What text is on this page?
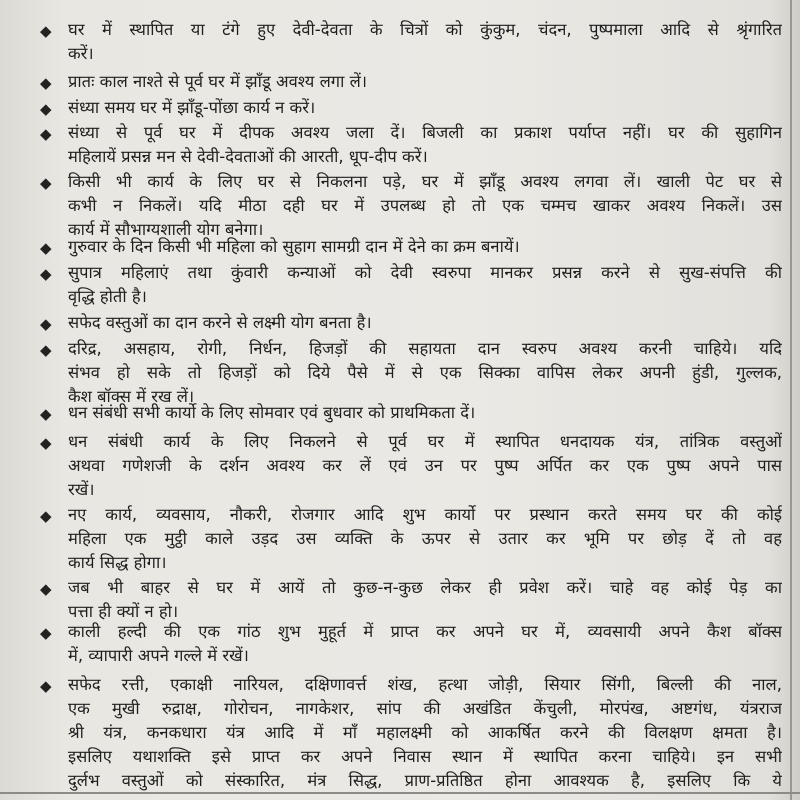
◆ घर में स्थापित या टंगे हुए देवी-देवता के चित्रों को कुंकुम, चंदन, पुष्पमाला आदि से श्रृंगारित
करें।
◆ प्रातः काल नाश्ते से पूर्व घर में झाँडू अवश्य लगा लें।
◆ संध्या समय घर में झाँडू-पोंछा कार्य न करें।
◆ संध्या से पूर्व घर में दीपक अवश्य जला दें। बिजली का प्रकाश पर्याप्त नहीं। घर की सुहागिन
महिलायें प्रसन्न मन से देवी-देवताओं की आरती, धूप-दीप करें।
◆ किसी भी कार्य के लिए घर से निकलना पड़े, घर में झाँडू अवश्य लगवा लें। खाली पेट घर से
कभी न निकलें। यदि मीठा दही घर में उपलब्ध हो तो एक चम्मच खाकर अवश्य निकलें। उस
कार्य में सौभाग्यशाली योग बनेगा।
◆ गुरुवार के दिन किसी भी महिला को सुहाग सामग्री दान में देने का क्रम बनायें।
◆ सुपात्र महिलाएं तथा कुंवारी कन्याओं को देवी स्वरुपा मानकर प्रसन्न करने से सुख-संपत्ति की
वृद्धि होती है।
◆ सफेद वस्तुओं का दान करने से लक्ष्मी योग बनता है।
◆ दरिद्र, असहाय, रोगी, निर्धन, हिजड़ों की सहायता दान स्वरुप अवश्य करनी चाहिये। यदि
संभव हो सके तो हिजड़ों को दिये पैसे में से एक सिक्का वापिस लेकर अपनी हुंडी, गुल्लक,
कैश बॉक्स में रख लें।
◆ धन संबंधी सभी कार्यो के लिए सोमवार एवं बुधवार को प्राथमिकता दें।
◆ धन संबंधी कार्य के लिए निकलने से पूर्व घर में स्थापित धनदायक यंत्र, तांत्रिक वस्तुओं
अथवा गणेशजी के दर्शन अवश्य कर लें एवं उन पर पुष्प अर्पित कर एक पुष्प अपने पास
रखें।
◆ नए कार्य, व्यवसाय, नौकरी, रोजगार आदि शुभ कार्यो पर प्रस्थान करते समय घर की कोई
महिला एक मुट्ठी काले उड़द उस व्यक्ति के ऊपर से उतार कर भूमि पर छोड़ दें तो वह
कार्य सिद्ध होगा।
◆ जब भी बाहर से घर में आयें तो कुछ-न-कुछ लेकर ही प्रवेश करें। चाहे वह कोई पेड़ का
पत्ता ही क्यों न हो।
◆ काली हल्दी की एक गांठ शुभ मुहूर्त में प्राप्त कर अपने घर में, व्यवसायी अपने कैश बॉक्स
में, व्यापारी अपने गल्ले में रखें।
◆ सफेद रत्ती, एकाक्षी नारियल, दक्षिणावर्त्त शंख, हत्था जोड़ी, सियार सिंगी, बिल्ली की नाल,
एक मुखी रुद्राक्ष, गोरोचन, नागकेशर, सांप की अखंडित केंचुली, मोरपंख, अष्टगंध, यंत्रराज
श्री यंत्र, कनकधारा यंत्र आदि में माँ महालक्ष्मी को आकर्षित करने की विलक्षण क्षमता है।
इसलिए यथाशक्ति इसे प्राप्त कर अपने निवास स्थान में स्थापित करना चाहिये। इन सभी
दुर्लभ वस्तुओं को संस्कारित, मंत्र सिद्ध, प्राण-प्रतिष्ठित होना आवश्यक है, इसलिए कि ये
